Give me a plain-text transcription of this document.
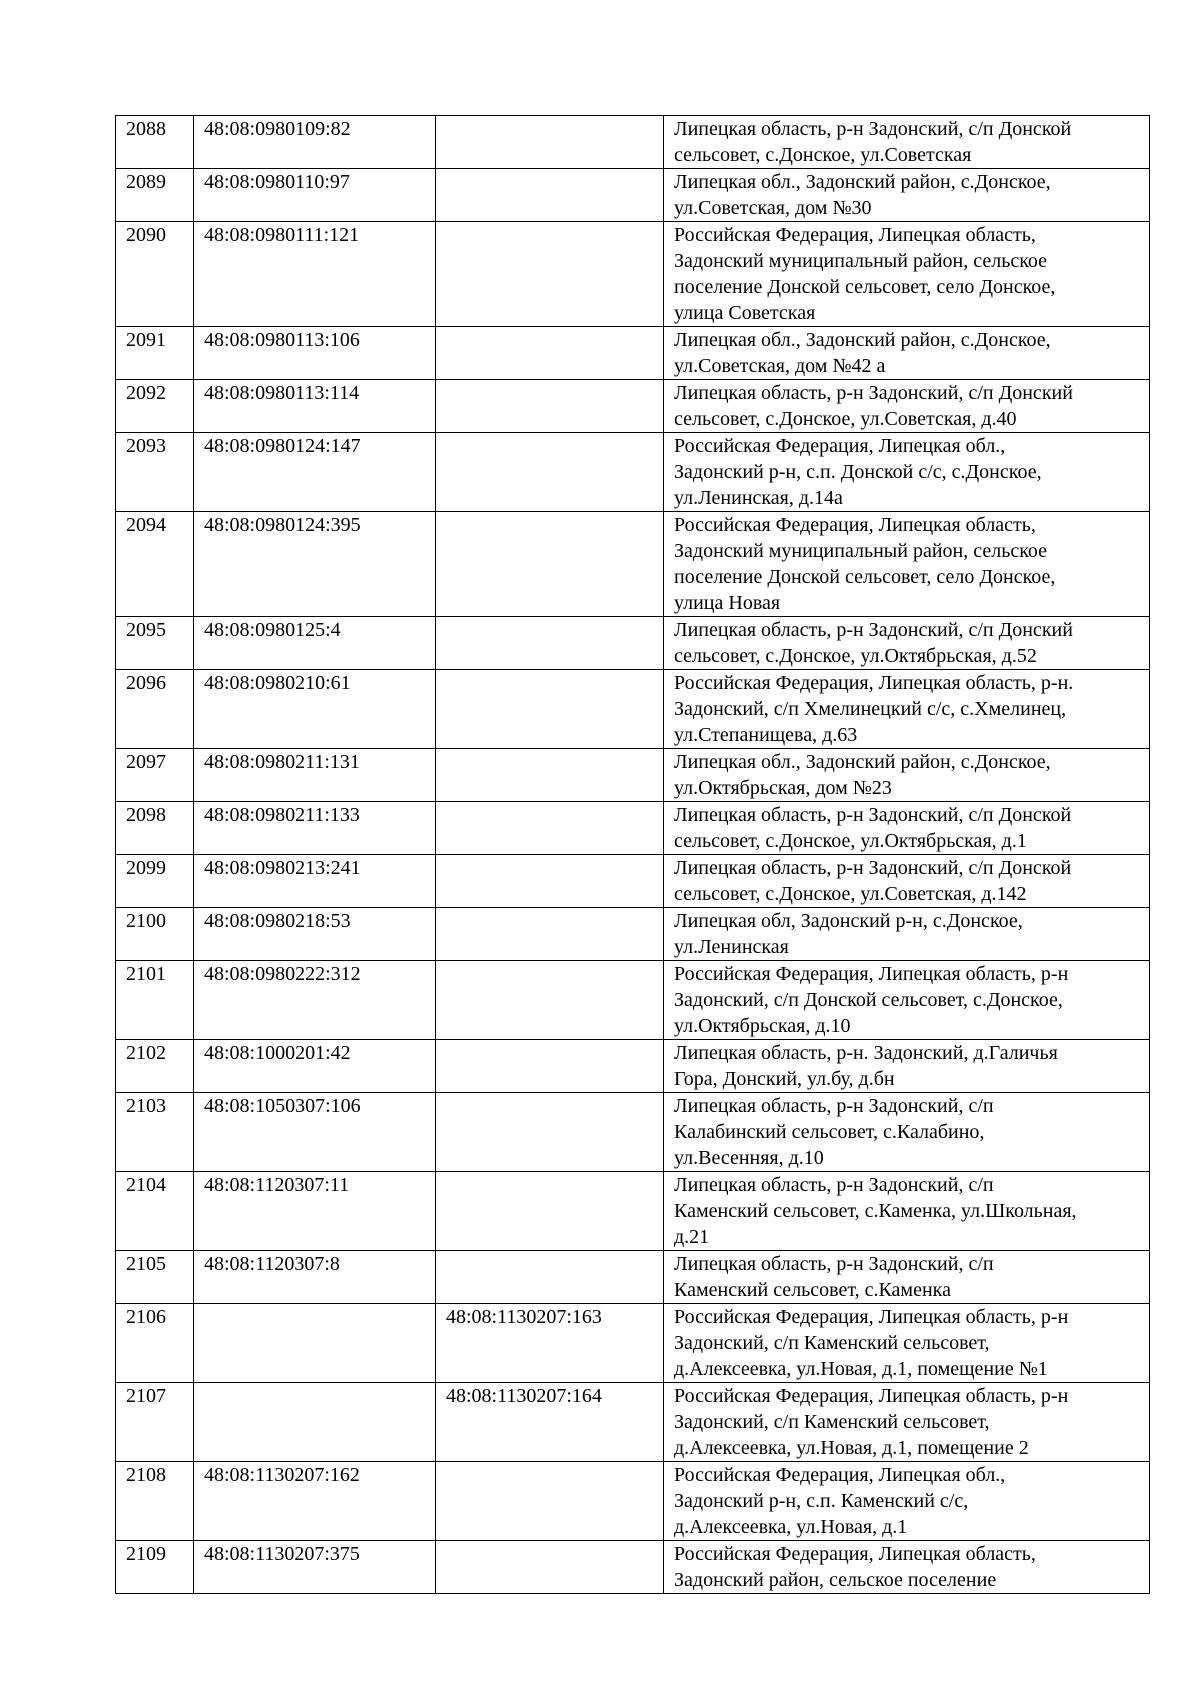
2088	48:08:0980109:82		Липецкая область, р-н Задонский, с/п Донской
сельсовет, с.Донское, ул.Советская
2089	48:08:0980110:97		Липецкая обл., Задонский район, с.Донское,
ул.Советская, дом №30
2090	48:08:0980111:121		Российская Федерация, Липецкая область,
Задонский муниципальный район, сельское
поселение Донской сельсовет, село Донское,
улица Советская
2091	48:08:0980113:106		Липецкая обл., Задонский район, с.Донское,
ул.Советская, дом №42 а
2092	48:08:0980113:114		Липецкая область, р-н Задонский, с/п Донский
сельсовет, с.Донское, ул.Советская, д.40
2093	48:08:0980124:147		Российская Федерация, Липецкая обл.,
Задонский р-н, с.п. Донской с/с, с.Донское,
ул.Ленинская, д.14а
2094	48:08:0980124:395		Российская Федерация, Липецкая область,
Задонский муниципальный район, сельское
поселение Донской сельсовет, село Донское,
улица Новая
2095	48:08:0980125:4		Липецкая область, р-н Задонский, с/п Донский
сельсовет, с.Донское, ул.Октябрьская, д.52
2096	48:08:0980210:61		Российская Федерация, Липецкая область, р-н.
Задонский, с/п Хмелинецкий с/с, с.Хмелинец,
ул.Степанищева, д.63
2097	48:08:0980211:131		Липецкая обл., Задонский район, с.Донское,
ул.Октябрьская, дом №23
2098	48:08:0980211:133		Липецкая область, р-н Задонский, с/п Донской
сельсовет, с.Донское, ул.Октябрьская, д.1
2099	48:08:0980213:241		Липецкая область, р-н Задонский, с/п Донской
сельсовет, с.Донское, ул.Советская, д.142
2100	48:08:0980218:53		Липецкая обл, Задонский р-н, с.Донское,
ул.Ленинская
2101	48:08:0980222:312		Российская Федерация, Липецкая область, р-н
Задонский, с/п Донской сельсовет, с.Донское,
ул.Октябрьская, д.10
2102	48:08:1000201:42		Липецкая область, р-н. Задонский, д.Галичья
Гора, Донский, ул.бу, д.бн
2103	48:08:1050307:106		Липецкая область, р-н Задонский, с/п
Калабинский сельсовет, с.Калабино,
ул.Весенняя, д.10
2104	48:08:1120307:11		Липецкая область, р-н Задонский, с/п
Каменский сельсовет, с.Каменка, ул.Школьная,
д.21
2105	48:08:1120307:8		Липецкая область, р-н Задонский, с/п
Каменский сельсовет, с.Каменка
2106		48:08:1130207:163	Российская Федерация, Липецкая область, р-н
Задонский, с/п Каменский сельсовет,
д.Алексеевка, ул.Новая, д.1, помещение №1
2107		48:08:1130207:164	Российская Федерация, Липецкая область, р-н
Задонский, с/п Каменский сельсовет,
д.Алексеевка, ул.Новая, д.1, помещение 2
2108	48:08:1130207:162		Российская Федерация, Липецкая обл.,
Задонский р-н, с.п. Каменский с/с,
д.Алексеевка, ул.Новая, д.1
2109	48:08:1130207:375		Российская Федерация, Липецкая область,
Задонский район, сельское поселение
